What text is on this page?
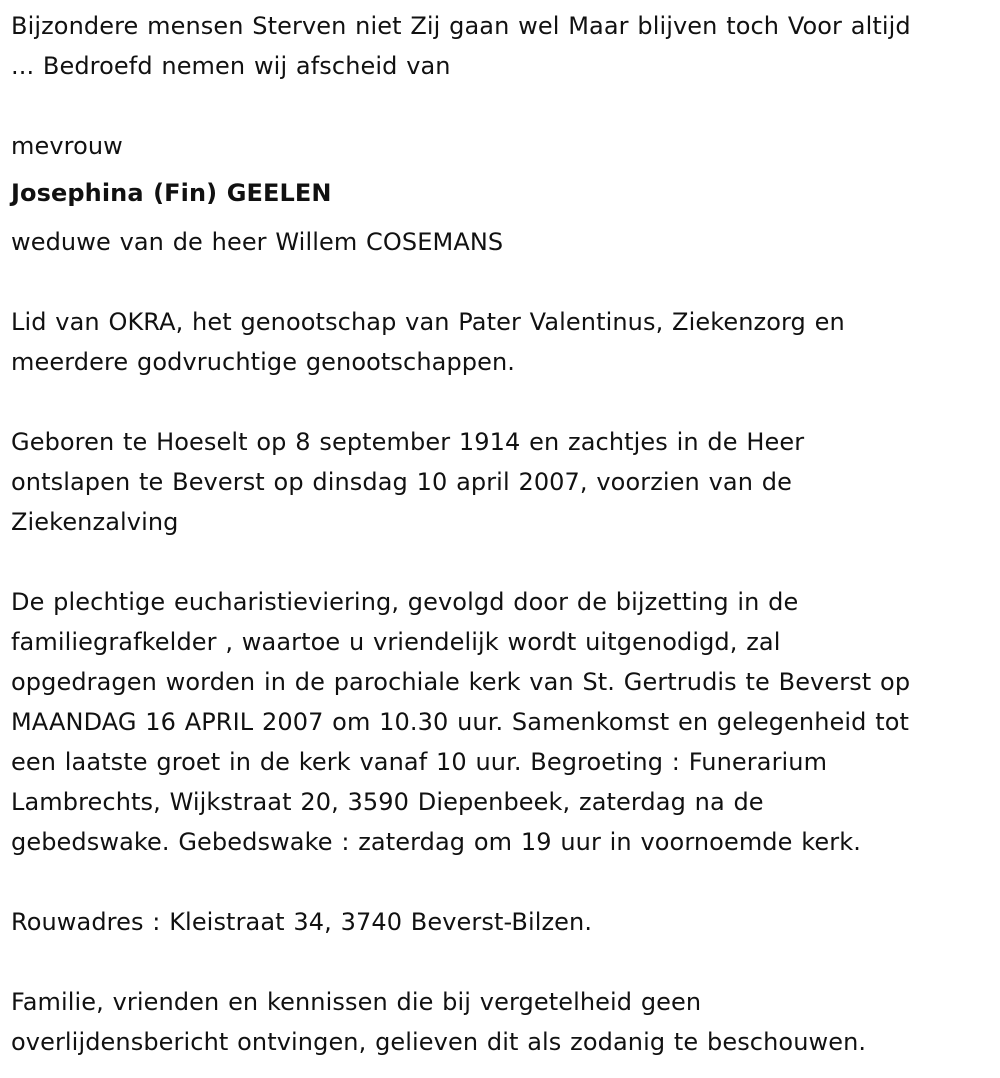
Bijzondere mensen Sterven niet Zij gaan wel Maar blijven toch Voor altijd
... Bedroefd nemen wij afscheid van
mevrouw
Josephina (Fin) GEELEN
weduwe van de heer Willem COSEMANS
Lid van OKRA, het genootschap van Pater Valentinus, Ziekenzorg en
meerdere godvruchtige genootschappen.
Geboren te Hoeselt op 8 september 1914 en zachtjes in de Heer
ontslapen te Beverst op dinsdag 10 april 2007, voorzien van de
Ziekenzalving
De plechtige eucharistieviering, gevolgd door de bijzetting in de
familiegrafkelder , waartoe u vriendelijk wordt uitgenodigd, zal
opgedragen worden in de parochiale kerk van St. Gertrudis te Beverst op
MAANDAG 16 APRIL 2007 om 10.30 uur. Samenkomst en gelegenheid tot
een laatste groet in de kerk vanaf 10 uur. Begroeting : Funerarium
Lambrechts, Wijkstraat 20, 3590 Diepenbeek, zaterdag na de
gebedswake. Gebedswake : zaterdag om 19 uur in voornoemde kerk.
Rouwadres : Kleistraat 34, 3740 Beverst-Bilzen.
Familie, vrienden en kennissen die bij vergetelheid geen
overlijdensbericht ontvingen, gelieven dit als zodanig te beschouwen.
